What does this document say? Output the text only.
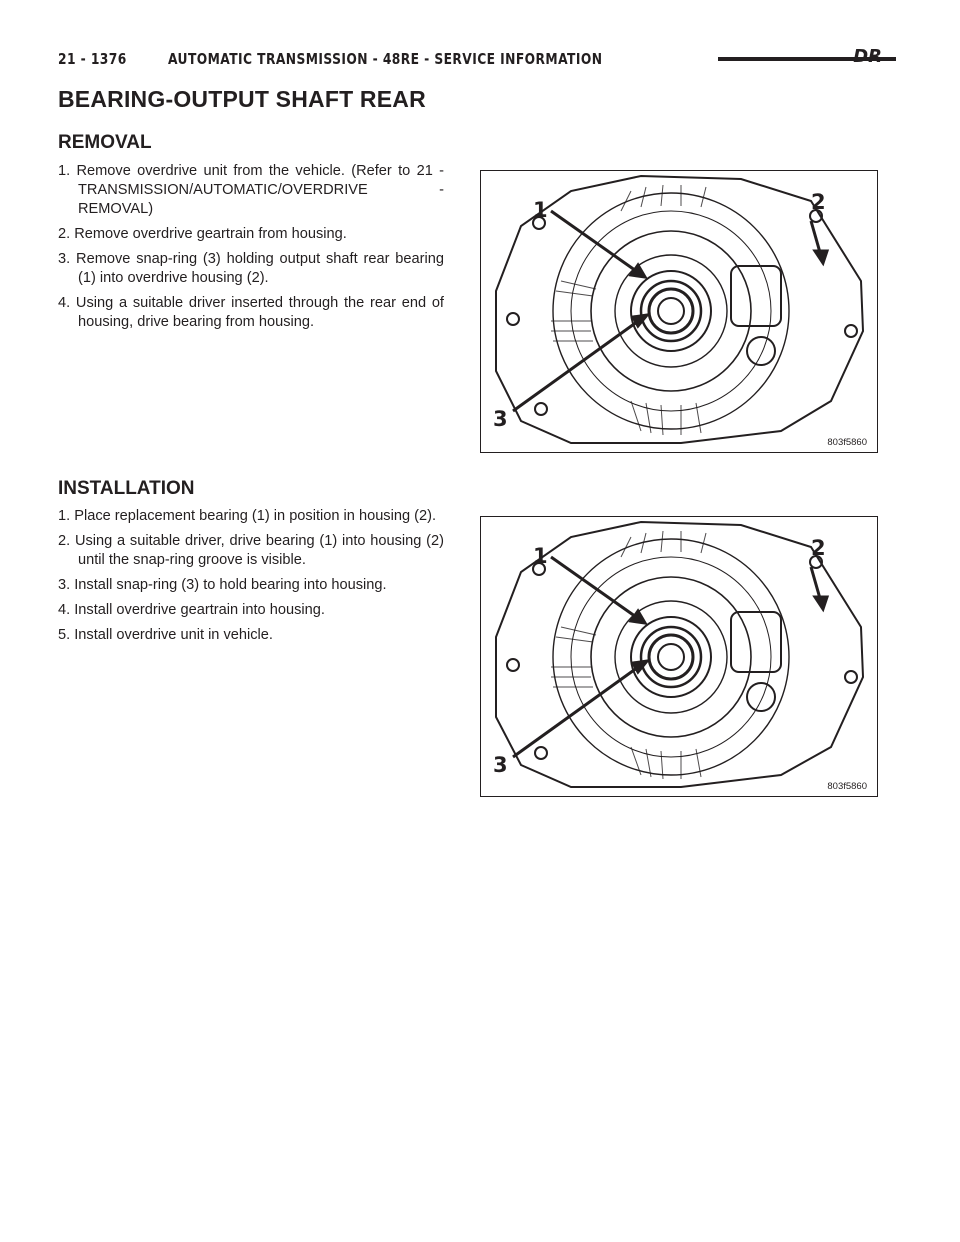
21 - 1376	AUTOMATIC TRANSMISSION - 48RE - SERVICE INFORMATION	DR
BEARING-OUTPUT SHAFT REAR
REMOVAL
1. Remove overdrive unit from the vehicle. (Refer to 21 - TRANSMISSION/AUTOMATIC/OVERDRIVE - REMOVAL)
2. Remove overdrive geartrain from housing.
3. Remove snap-ring (3) holding output shaft rear bearing (1) into overdrive housing (2).
4. Using a suitable driver inserted through the rear end of housing, drive bearing from housing.
1	2
3
803f5860
INSTALLATION
1. Place replacement bearing (1) in position in housing (2).
2. Using a suitable driver, drive bearing (1) into housing (2) until the snap-ring groove is visible.
3. Install snap-ring (3) to hold bearing into housing.
4. Install overdrive geartrain into housing.
5. Install overdrive unit in vehicle.
1	2
3
803f5860
